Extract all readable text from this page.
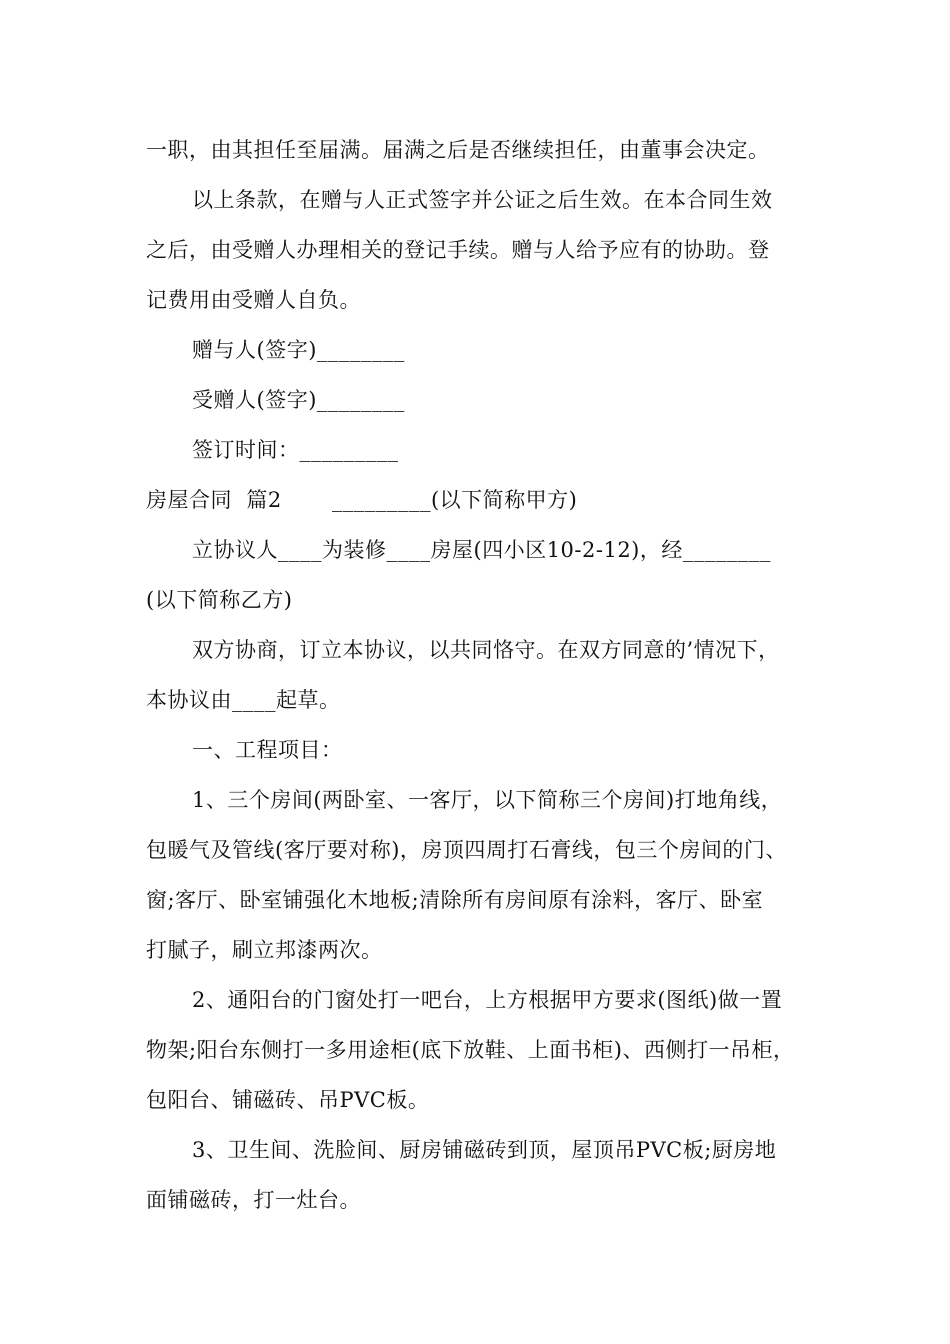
一职，由其担任至届满。届满之后是否继续担任，由董事会决定。
以上条款，在赠与人正式签字并公证之后生效。在本合同生效
之后，由受赠人办理相关的登记手续。赠与人给予应有的协助。登
记费用由受赠人自负。
赠与人(签字)________
受赠人(签字)________
签订时间：_________
房屋合同  篇2       _________(以下简称甲方)
立协议人____为装修____房屋(四小区10-2-12)，经________
(以下简称乙方)
双方协商，订立本协议，以共同恪守。在双方同意的’情况下，
本协议由____起草。
一、工程项目：
1、三个房间(两卧室、一客厅，以下简称三个房间)打地角线，
包暖气及管线(客厅要对称)，房顶四周打石膏线，包三个房间的门、
窗;客厅、卧室铺强化木地板;清除所有房间原有涂料，客厅、卧室
打腻子，刷立邦漆两次。
2、通阳台的门窗处打一吧台，上方根据甲方要求(图纸)做一置
物架;阳台东侧打一多用途柜(底下放鞋、上面书柜)、西侧打一吊柜，
包阳台、铺磁砖、吊PVC板。
3、卫生间、洗脸间、厨房铺磁砖到顶，屋顶吊PVC板;厨房地
面铺磁砖，打一灶台。
